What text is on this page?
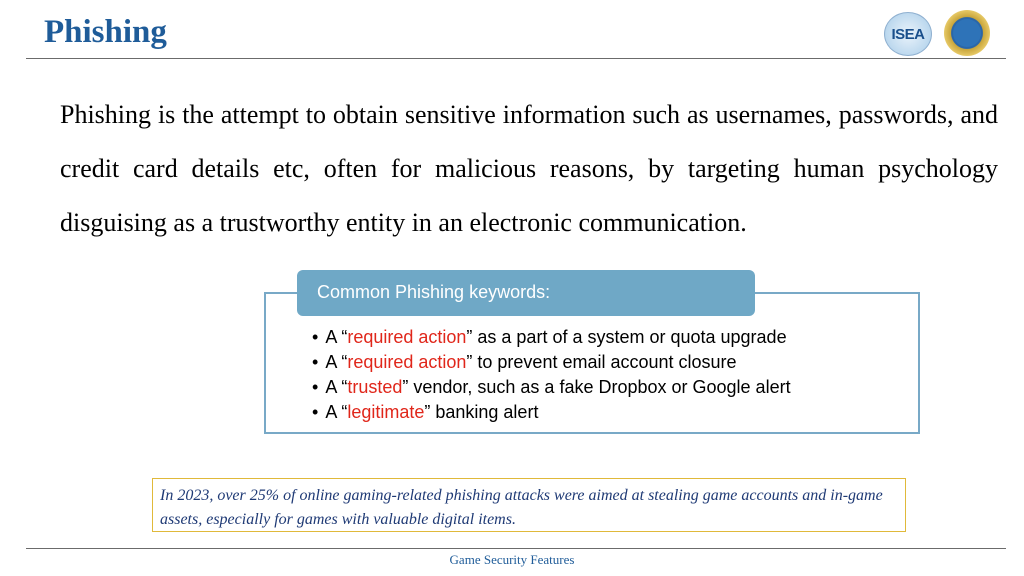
Phishing	ISEA
Phishing is the attempt to obtain sensitive information such as usernames, passwords, and credit card details etc, often for malicious reasons, by targeting human psychology disguising as a trustworthy entity in an electronic communication.
Common Phishing keywords:
• A “required action” as a part of a system or quota upgrade
• A “required action” to prevent email account closure
• A “trusted” vendor, such as a fake Dropbox or Google alert
• A “legitimate” banking alert
In 2023, over 25% of online gaming-related phishing attacks were aimed at stealing game accounts and in-game assets, especially for games with valuable digital items.
Game Security Features
